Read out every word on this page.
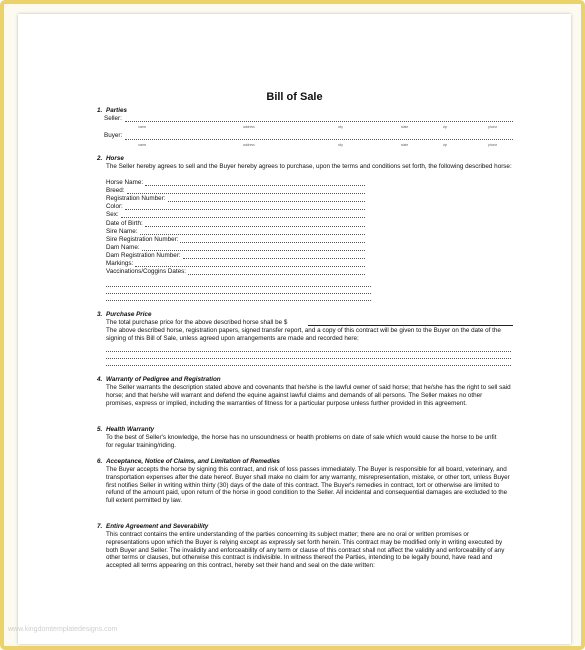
Bill of Sale
1. Parties
Seller:
name	address	city	state	zip	phone
Buyer:
name	address	city	state	zip	phone
2. Horse
The Seller hereby agrees to sell and the Buyer hereby agrees to purchase, upon the terms and conditions set forth, the following described horse:
Horse Name:
Breed:
Registration Number:
Color:
Sex:
Date of Birth:
Sire Name:
Sire Registration Number:
Dam Name:
Dam Registration Number:
Markings:
Vaccinations/Coggins Dates:
3. Purchase Price
The total purchase price for the above described horse shall be $
The above described horse, registration papers, signed transfer report, and a copy of this contract will be given to the Buyer on the date of the signing of this Bill of Sale, unless agreed upon arrangements are made and recorded here:
4. Warranty of Pedigree and Registration
The Seller warrants the description stated above and covenants that he/she is the lawful owner of said horse; that he/she has the right to sell said horse; and that he/she will warrant and defend the equine against lawful claims and demands of all persons. The Seller makes no other promises, express or implied, including the warranties of fitness for a particular purpose unless further provided in this agreement.
5. Health Warranty
To the best of Seller's knowledge, the horse has no unsoundness or health problems on date of sale which would cause the horse to be unfit for regular training/riding.
6. Acceptance, Notice of Claims, and Limitation of Remedies
The Buyer accepts the horse by signing this contract, and risk of loss passes immediately. The Buyer is responsible for all board, veterinary, and transportation expenses after the date hereof. Buyer shall make no claim for any warranty, misrepresentation, mistake, or other tort, unless Buyer first notifies Seller in writing within thirty (30) days of the date of this contract. The Buyer's remedies in contract, tort or otherwise are limited to refund of the amount paid, upon return of the horse in good condition to the Seller. All incidental and consequential damages are excluded to the full extent permitted by law.
7. Entire Agreement and Severability
This contract contains the entire understanding of the parties concerning its subject matter; there are no oral or written promises or representations upon which the Buyer is relying except as expressly set forth herein. This contract may be modified only in writing executed by both Buyer and Seller. The invalidity and enforceability of any term or clause of this contract shall not affect the validity and enforceability of any other terms or clauses, but otherwise this contract is indivisible. In witness thereof the Parties, intending to be legally bound, have read and accepted all terms appearing on this contract, hereby set their hand and seal on the date written:
www.kingdomtemplatedesigns.com
